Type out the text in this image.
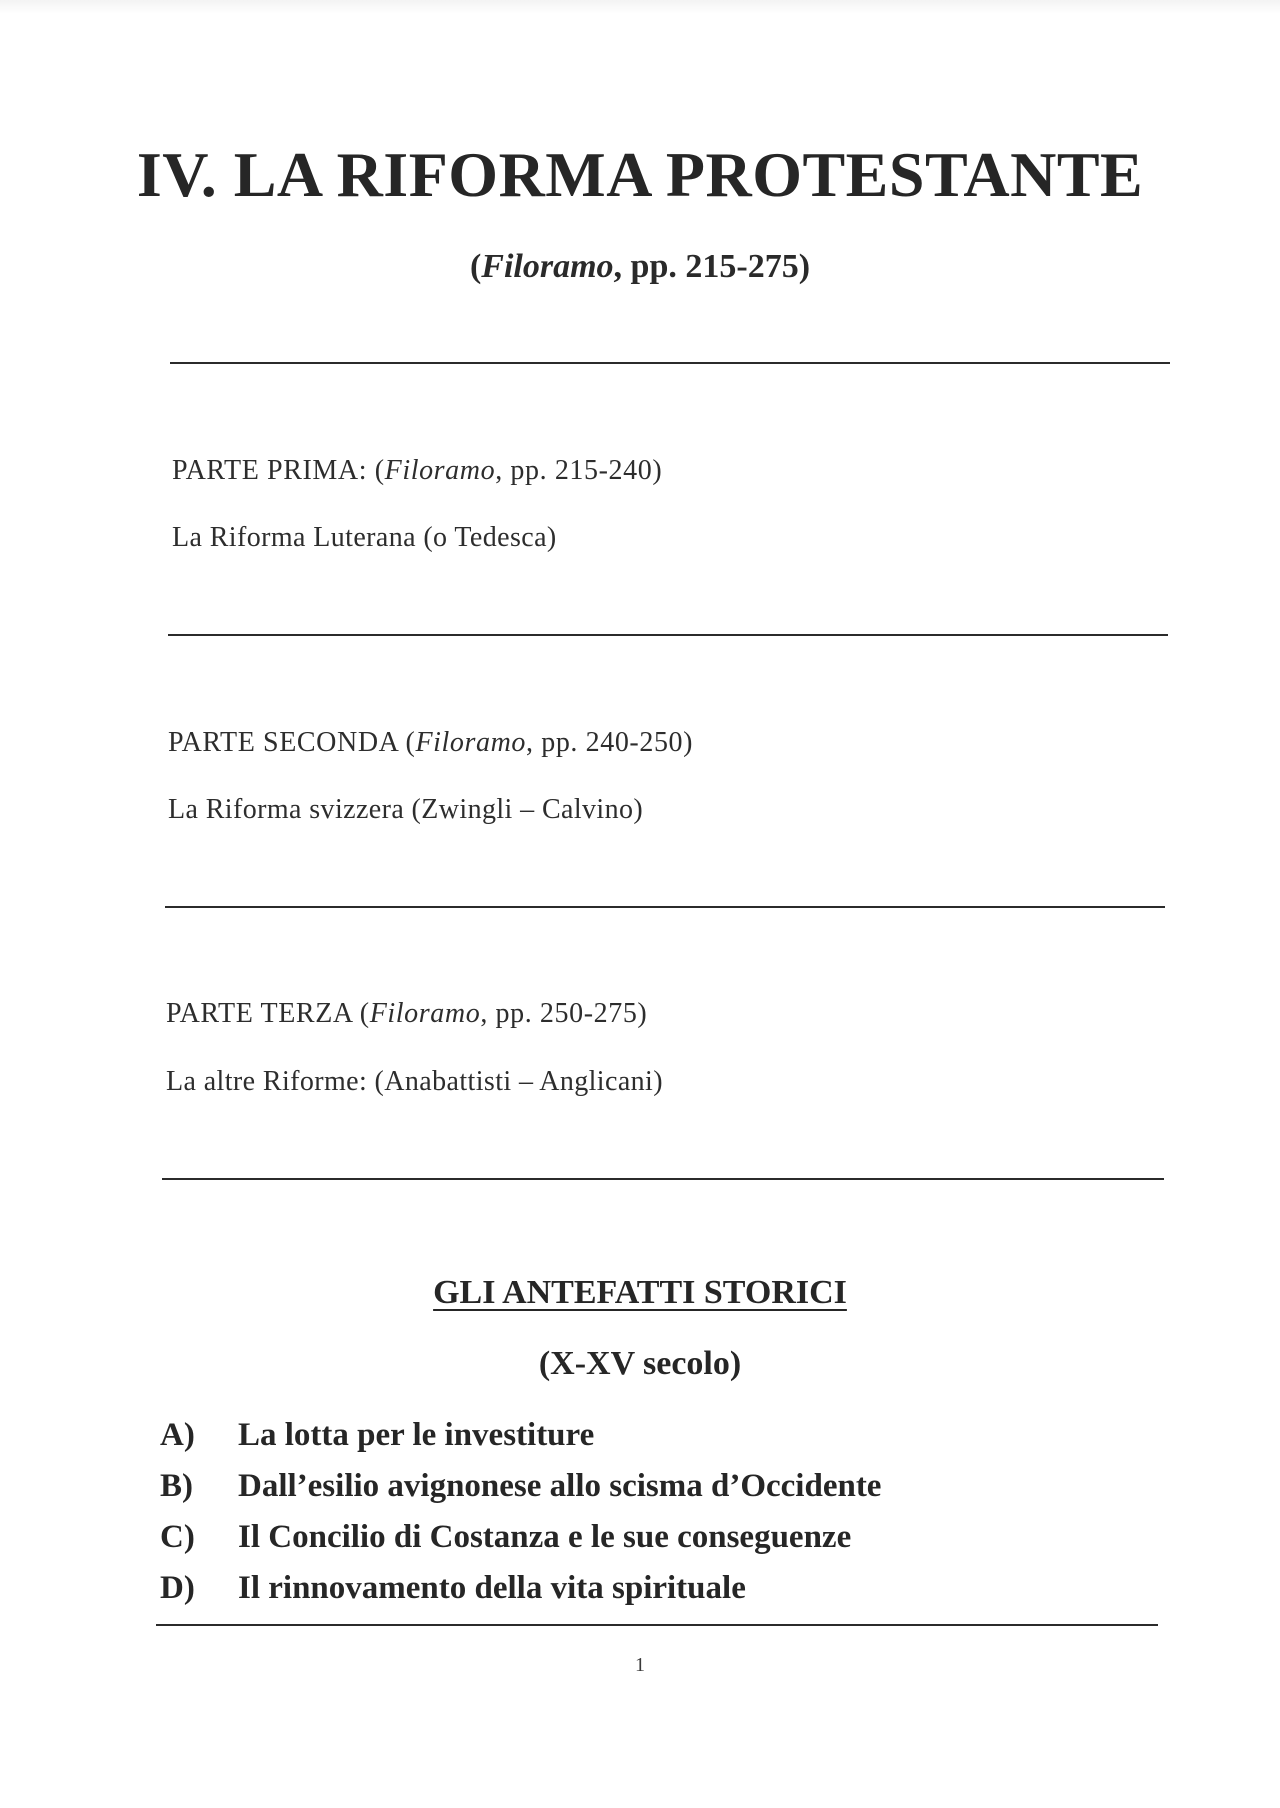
IV. LA RIFORMA PROTESTANTE
(Filoramo, pp. 215-275)
PARTE PRIMA: (Filoramo, pp. 215-240)
La Riforma Luterana (o Tedesca)
PARTE SECONDA (Filoramo, pp. 240-250)
La Riforma svizzera (Zwingli – Calvino)
PARTE TERZA (Filoramo, pp. 250-275)
La altre Riforme: (Anabattisti – Anglicani)
GLI ANTEFATTI STORICI
(X-XV secolo)
A)	La lotta per le investiture
B)	Dall’esilio avignonese allo scisma d’Occidente
C)	Il Concilio di Costanza e le sue conseguenze
D)	Il rinnovamento della vita spirituale
1
